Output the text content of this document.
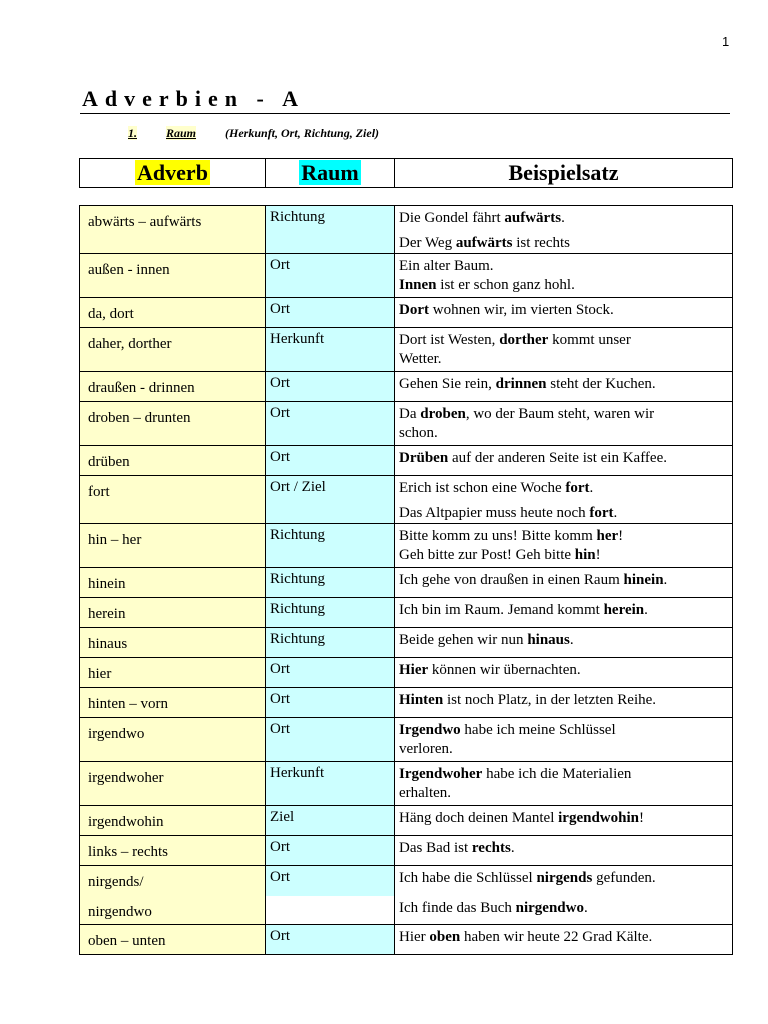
1
Adverbien - A
1. Raum (Herkunft, Ort, Richtung, Ziel)
Adverb	Raum	Beispielsatz
abwärts – aufwärts	Richtung	Die Gondel fährt aufwärts.
Der Weg aufwärts ist rechts

außen - innen	Ort	Ein alter Baum.
Innen ist er schon ganz hohl.

da, dort	Ort	Dort wohnen wir, im vierten Stock.

daher, dorther	Herkunft	Dort ist Westen, dorther kommt unser
Wetter.

draußen - drinnen	Ort	Gehen Sie rein, drinnen steht der Kuchen.

droben – drunten	Ort	Da droben, wo der Baum steht, waren wir
schon.

drüben	Ort	Drüben auf der anderen Seite ist ein Kaffee.

fort	Ort / Ziel	Erich ist schon eine Woche fort.
Das Altpapier muss heute noch fort.

hin – her	Richtung	Bitte komm zu uns! Bitte komm her!
Geh bitte zur Post! Geh bitte hin!

hinein	Richtung	Ich gehe von draußen in einen Raum hinein.

herein	Richtung	Ich bin im Raum. Jemand kommt herein.

hinaus	Richtung	Beide gehen wir nun hinaus.

hier	Ort	Hier können wir übernachten.

hinten – vorn	Ort	Hinten ist noch Platz, in der letzten Reihe.

irgendwo	Ort	Irgendwo habe ich meine Schlüssel
verloren.

irgendwoher	Herkunft	Irgendwoher habe ich die Materialien
erhalten.

irgendwohin	Ziel	Häng doch deinen Mantel irgendwohin!

links – rechts	Ort	Das Bad ist rechts.

nirgends/	Ort	Ich habe die Schlüssel nirgends gefunden.

nirgendwo		Ich finde das Buch nirgendwo.

oben – unten	Ort	Hier oben haben wir heute 22 Grad Kälte.
